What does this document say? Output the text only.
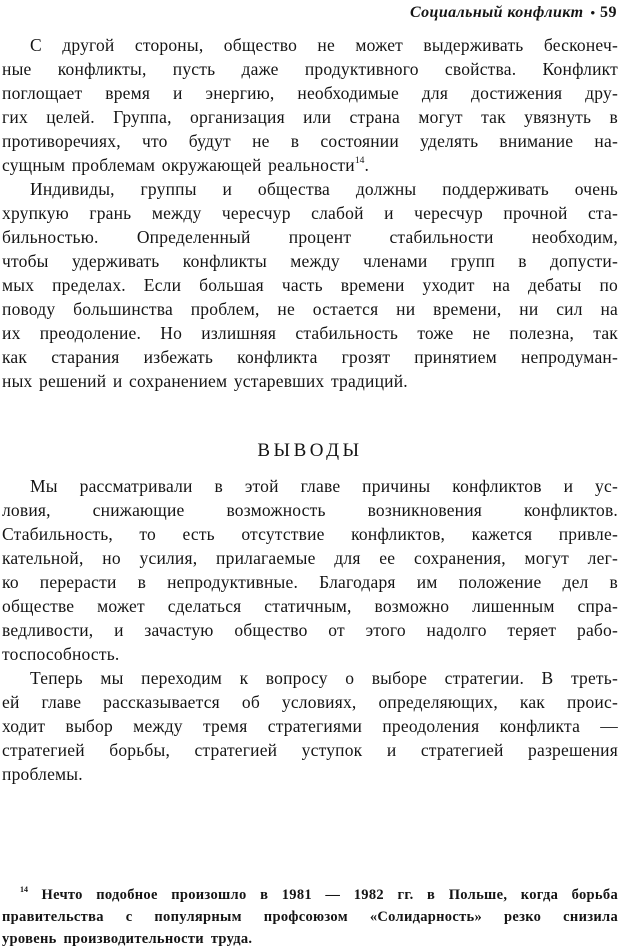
Социальный конфликт • 59
С другой стороны, общество не может выдерживать бесконеч-
ные конфликты, пусть даже продуктивного свойства. Конфликт
поглощает время и энергию, необходимые для достижения дру-
гих целей. Группа, организация или страна могут так увязнуть в
противоречиях, что будут не в состоянии уделять внимание на-
сущным проблемам окружающей реальности$^{14}$.
Индивиды, группы и общества должны поддерживать очень
хрупкую грань между чересчур слабой и чересчур прочной ста-
бильностью. Определенный процент стабильности необходим,
чтобы удерживать конфликты между членами групп в допусти-
мых пределах. Если большая часть времени уходит на дебаты по
поводу большинства проблем, не остается ни времени, ни сил на
их преодоление. Но излишняя стабильность тоже не полезна, так
как старания избежать конфликта грозят принятием непродуман-
ных решений и сохранением устаревших традиций.
ВЫВОДЫ
Мы рассматривали в этой главе причины конфликтов и ус-
ловия, снижающие возможность возникновения конфликтов.
Стабильность, то есть отсутствие конфликтов, кажется привле-
кательной, но усилия, прилагаемые для ее сохранения, могут лег-
ко перерасти в непродуктивные. Благодаря им положение дел в
обществе может сделаться статичным, возможно лишенным спра-
ведливости, и зачастую общество от этого надолго теряет рабо-
тоспособность.
Теперь мы переходим к вопросу о выборе стратегии. В треть-
ей главе рассказывается об условиях, определяющих, как проис-
ходит выбор между тремя стратегиями преодоления конфликта —
стратегией борьбы, стратегией уступок и стратегией разрешения
проблемы.
$^{14}$ Нечто подобное произошло в 1981 — 1982 гг. в Польше, когда борьба
правительства с популярным профсоюзом «Солидарность» резко снизила
уровень производительности труда.
